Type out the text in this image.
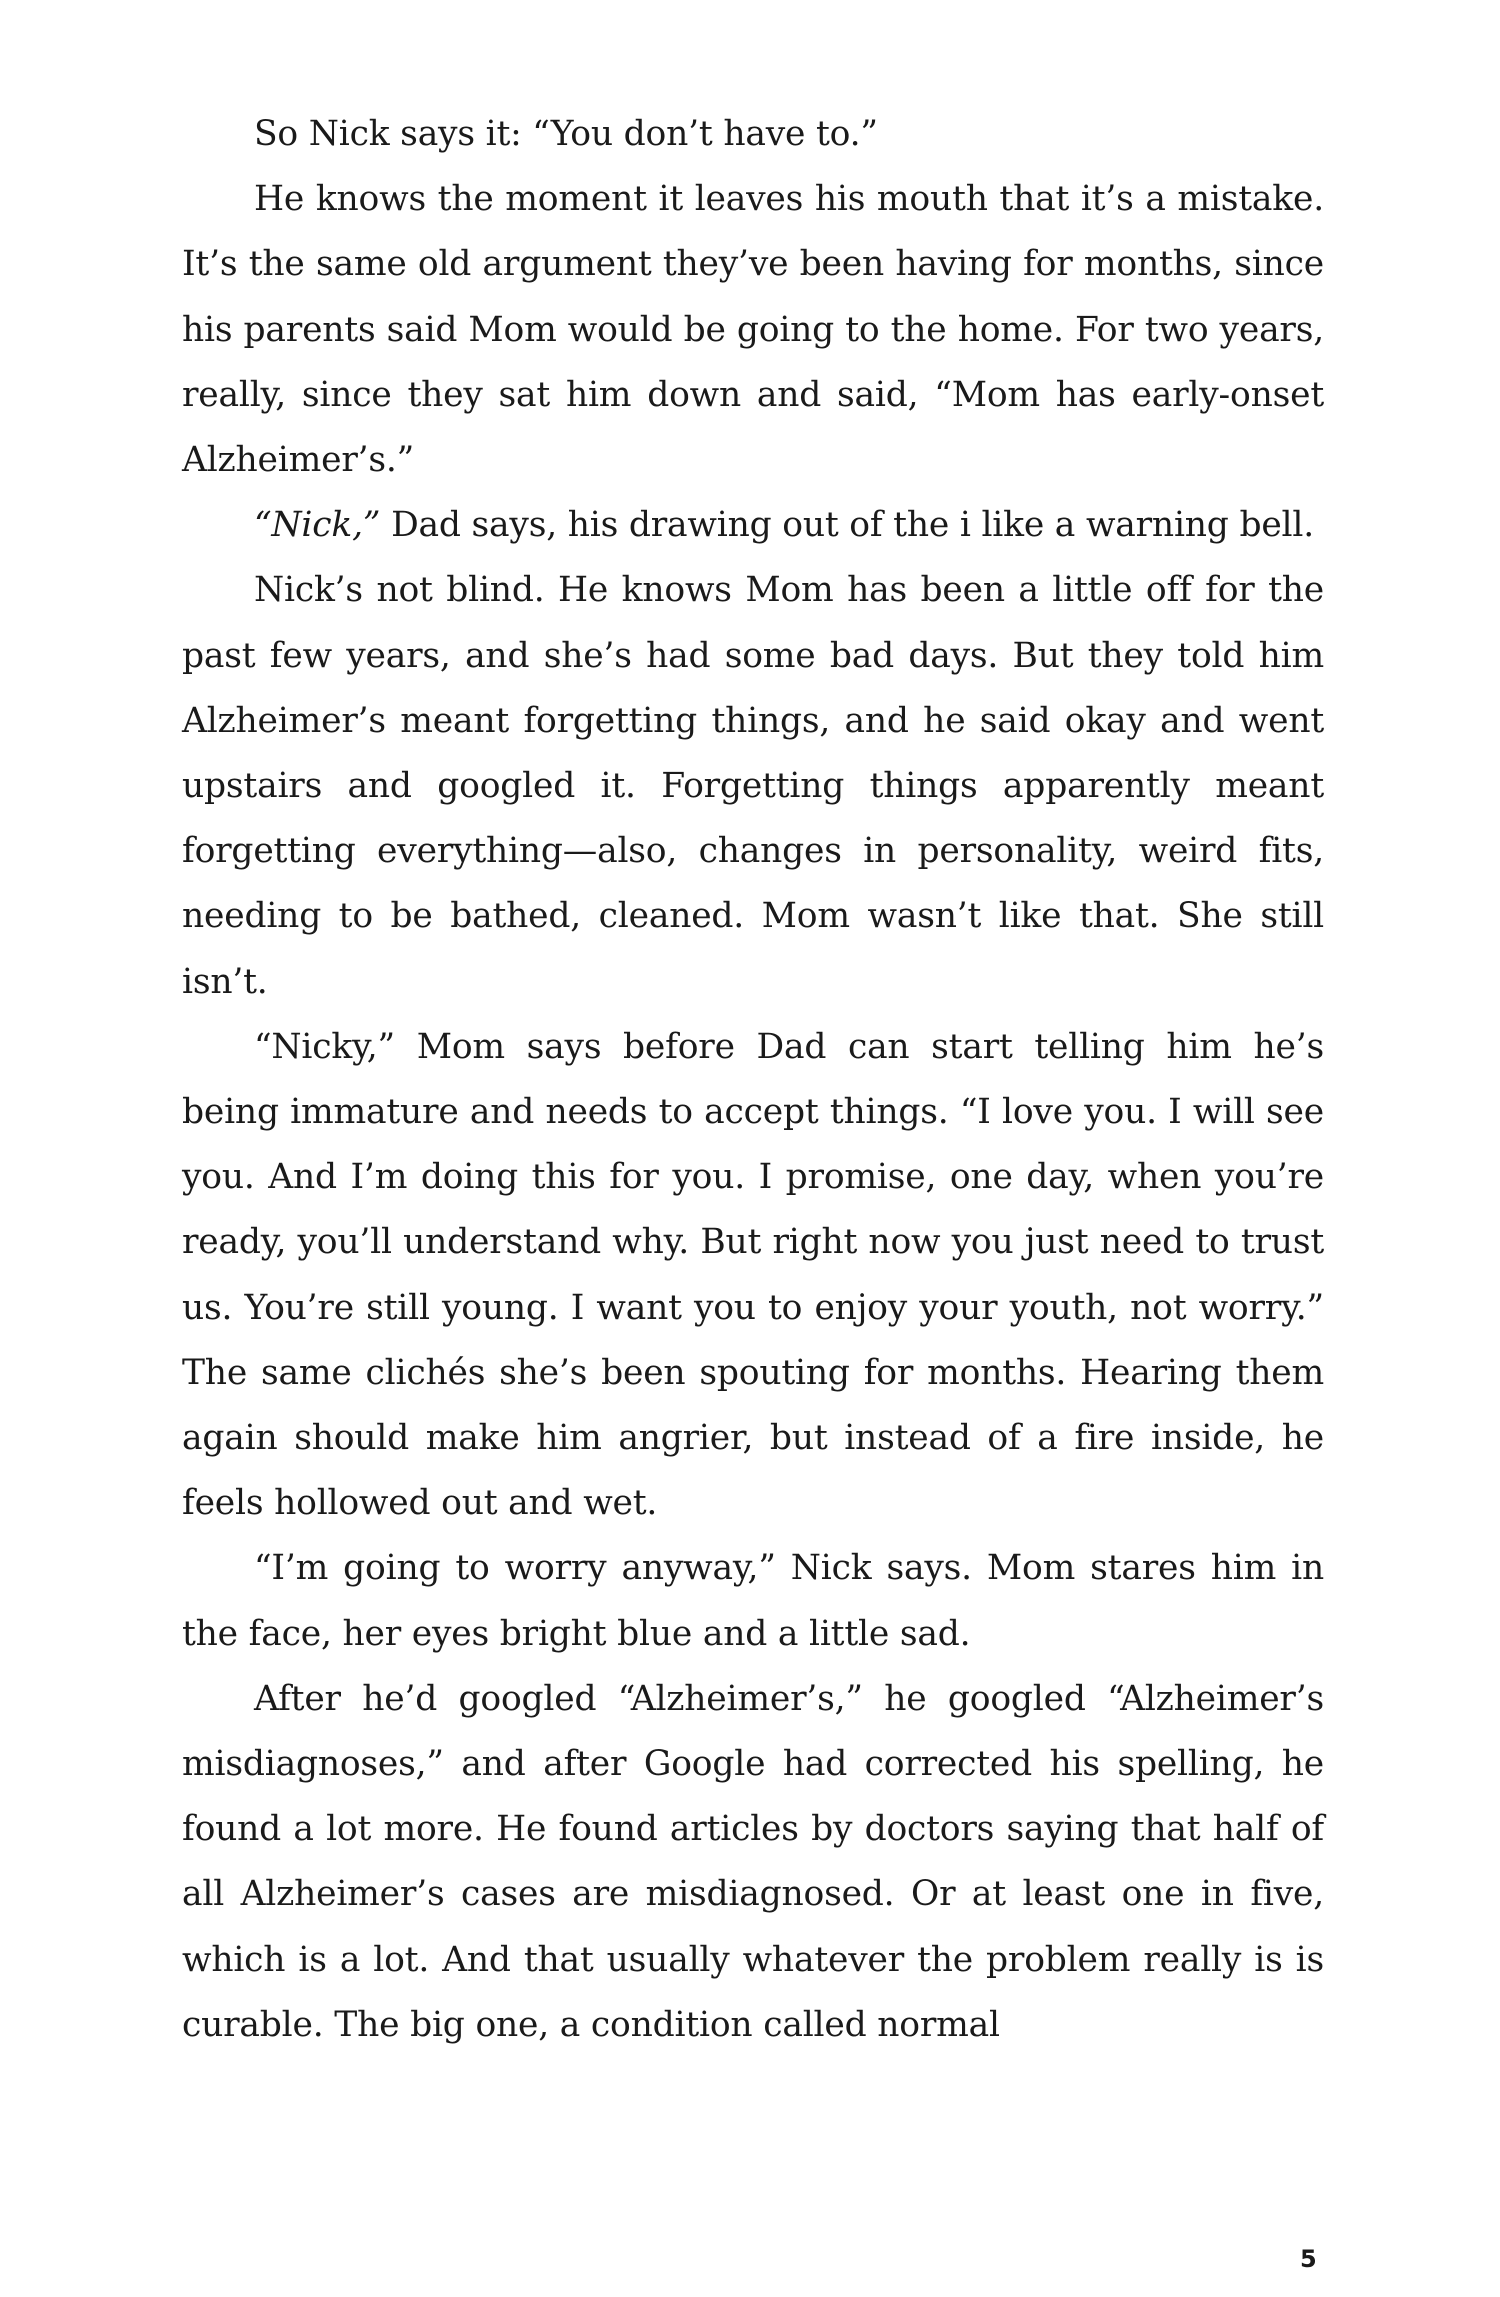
So Nick says it: “You don’t have to.”

He knows the moment it leaves his mouth that it’s a mistake. It’s the same old argument they’ve been having for months, since his parents said Mom would be going to the home. For two years, really, since they sat him down and said, “Mom has early-onset Alzheimer’s.”

“Nick,” Dad says, his drawing out of the i like a warning bell.

Nick’s not blind. He knows Mom has been a little off for the past few years, and she’s had some bad days. But they told him Alzheimer’s meant forgetting things, and he said okay and went upstairs and googled it. Forgetting things apparently meant forgetting everything—also, changes in personality, weird fits, needing to be bathed, cleaned. Mom wasn’t like that. She still isn’t.

“Nicky,” Mom says before Dad can start telling him he’s being immature and needs to accept things. “I love you. I will see you. And I’m doing this for you. I promise, one day, when you’re ready, you’ll understand why. But right now you just need to trust us. You’re still young. I want you to enjoy your youth, not worry.” The same clichés she’s been spouting for months. Hearing them again should make him angrier, but instead of a fire inside, he feels hollowed out and wet.

“I’m going to worry anyway,” Nick says. Mom stares him in the face, her eyes bright blue and a little sad.

After he’d googled “Alzheimer’s,” he googled “Alzheimer’s misdiagnoses,” and after Google had corrected his spelling, he found a lot more. He found articles by doctors saying that half of all Alzheimer’s cases are misdiagnosed. Or at least one in five, which is a lot. And that usually whatever the problem really is is curable. The big one, a condition called normal

5
